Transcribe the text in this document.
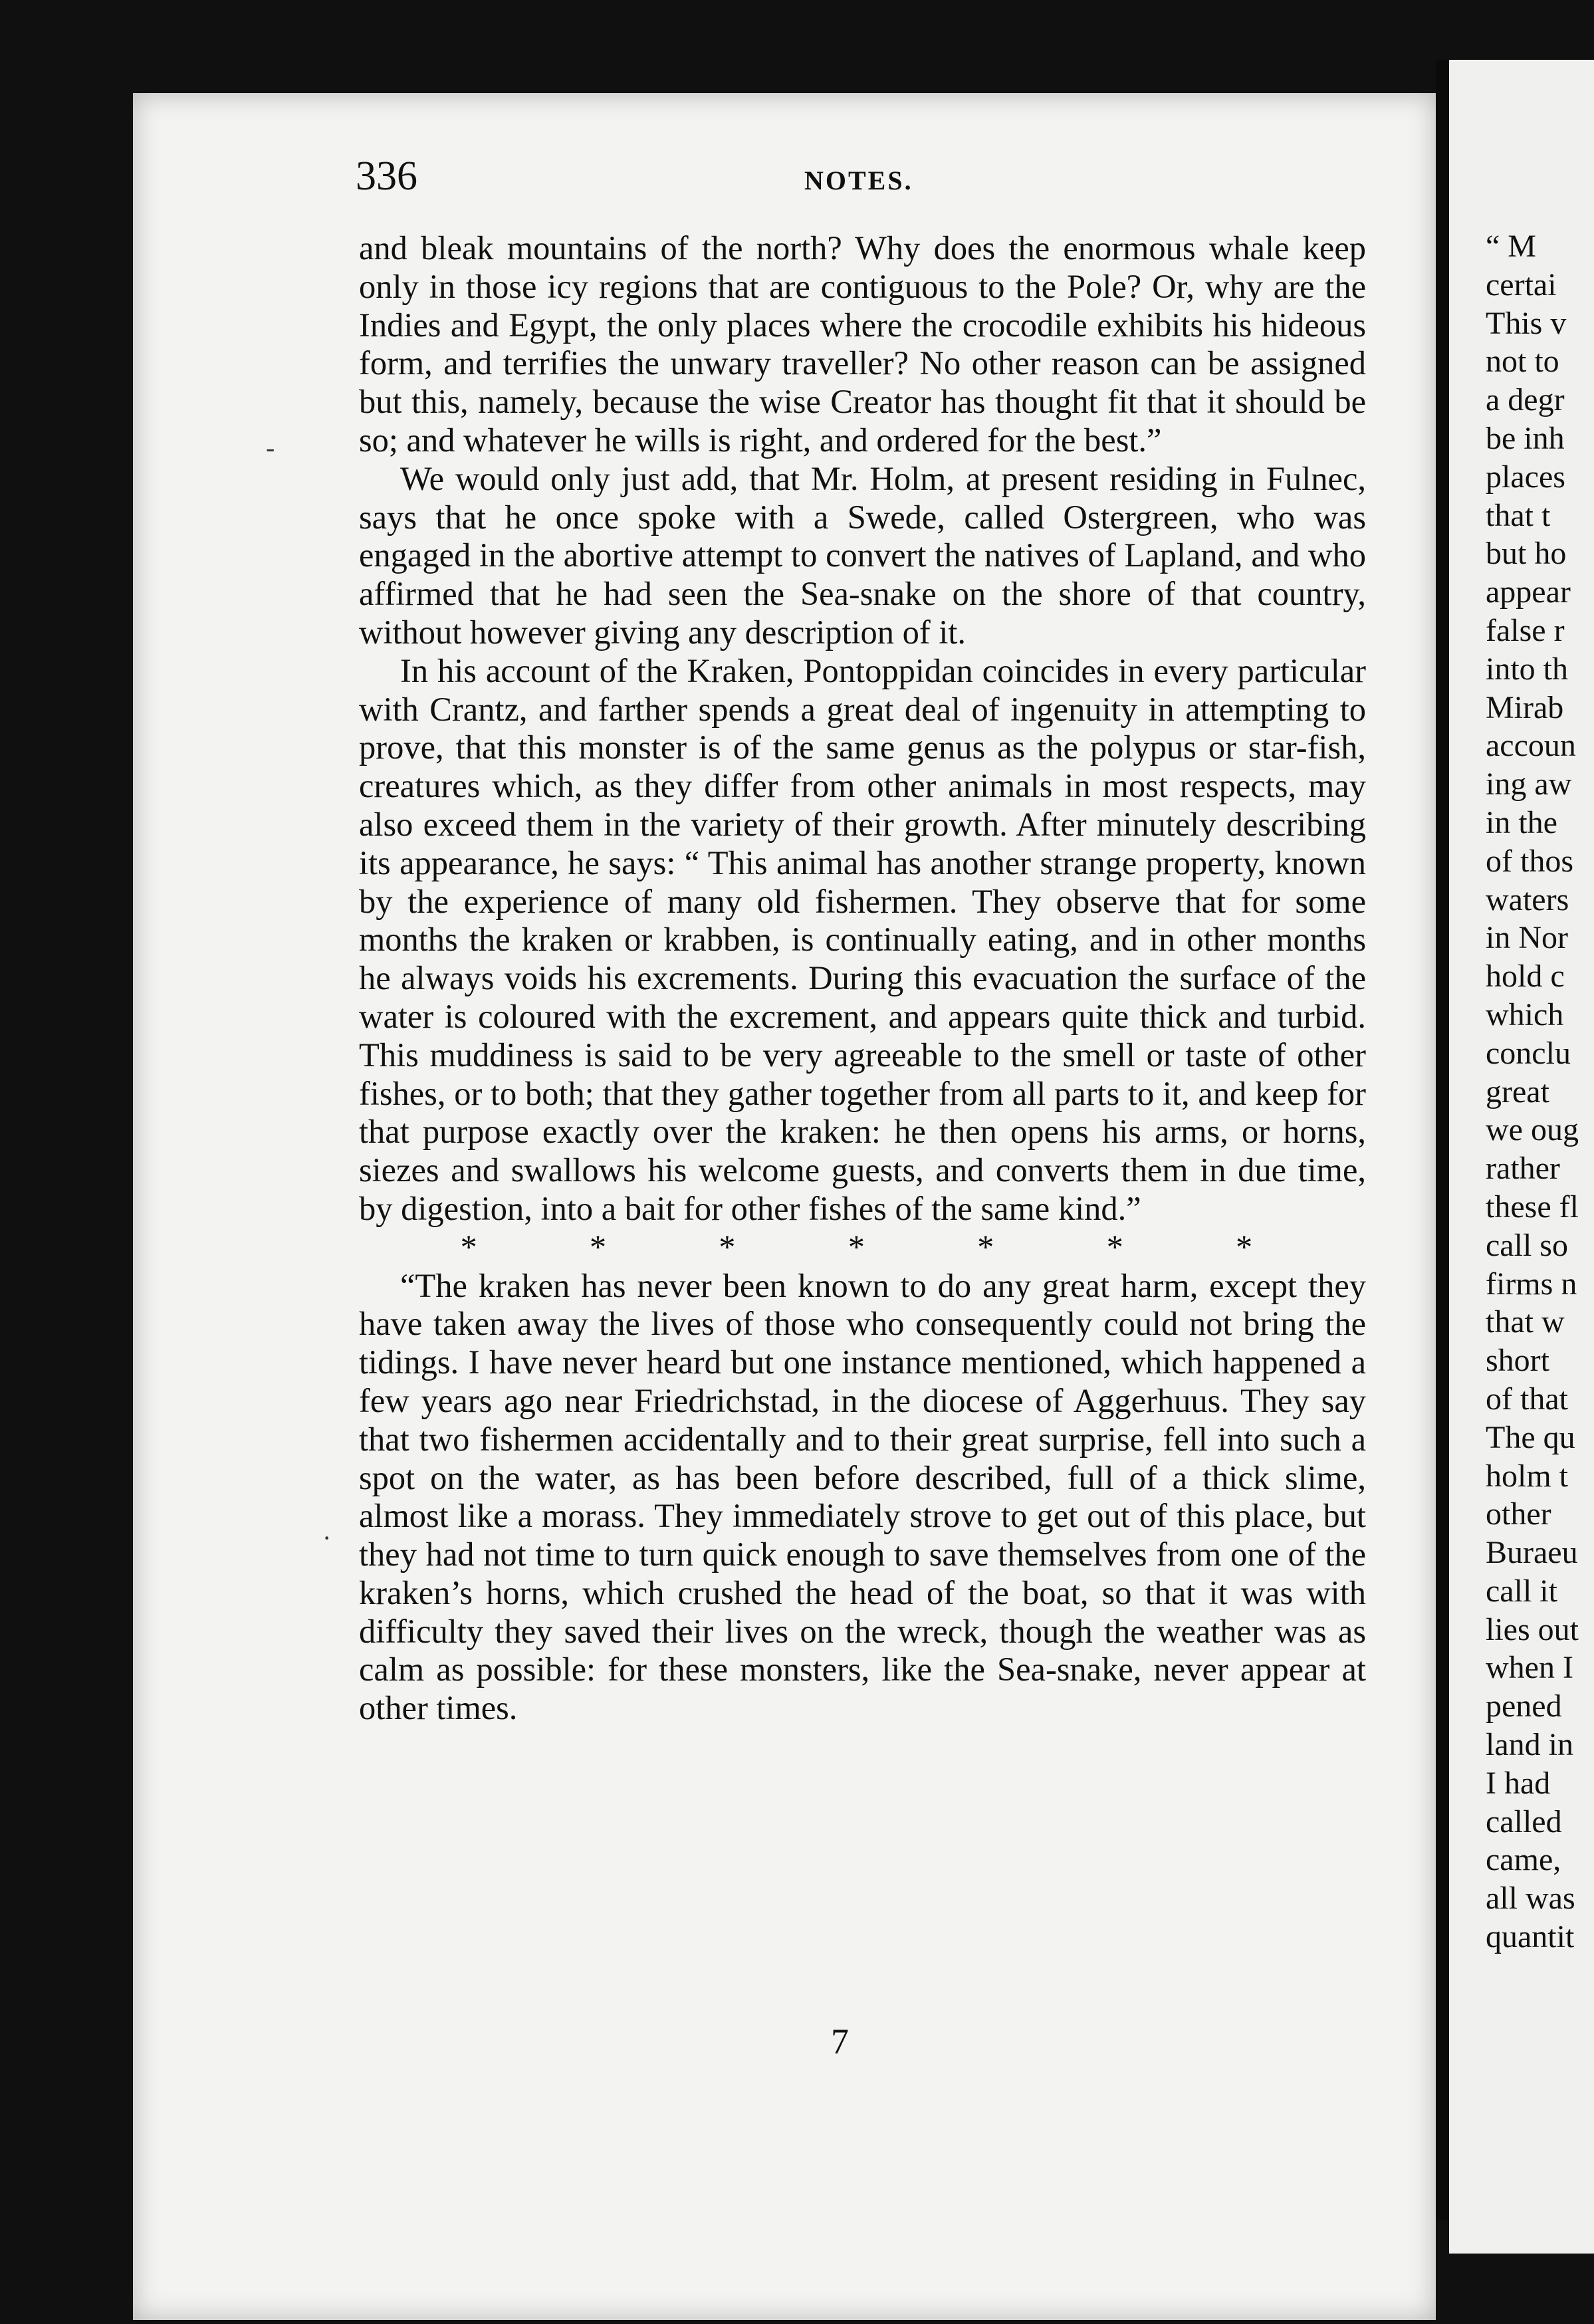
336	NOTES.

and bleak mountains of the north? Why does the enormous whale keep only in those icy regions that are contiguous to the Pole? Or, why are the Indies and Egypt, the only places where the crocodile exhibits his hideous form, and terrifies the unwary traveller? No other reason can be assigned but this, namely, because the wise Creator has thought fit that it should be so; and whatever he wills is right, and ordered for the best.”

We would only just add, that Mr. Holm, at present residing in Fulnec, says that he once spoke with a Swede, called Ostergreen, who was engaged in the abortive attempt to convert the natives of Lapland, and who affirmed that he had seen the Sea-snake on the shore of that country, without however giving any description of it.

In his account of the Kraken, Pontoppidan coincides in every particular with Crantz, and farther spends a great deal of ingenuity in attempting to prove, that this monster is of the same genus as the polypus or star-fish, creatures which, as they differ from other animals in most respects, may also exceed them in the variety of their growth. After minutely describing its appearance, he says: “ This animal has another strange property, known by the experience of many old fishermen. They observe that for some months the kraken or krabben, is continually eating, and in other months he always voids his excrements. During this evacuation the surface of the water is coloured with the excrement, and appears quite thick and turbid. This muddiness is said to be very agreeable to the smell or taste of other fishes, or to both; that they gather together from all parts to it, and keep for that purpose exactly over the kraken: he then opens his arms, or horns, siezes and swallows his welcome guests, and converts them in due time, by digestion, into a bait for other fishes of the same kind.”

* * * * * * *

“The kraken has never been known to do any great harm, except they have taken away the lives of those who consequently could not bring the tidings. I have never heard but one instance mentioned, which happened a few years ago near Friedrichstad, in the diocese of Aggerhuus. They say that two fishermen accidentally and to their great surprise, fell into such a spot on the water, as has been before described, full of a thick slime, almost like a morass. They immediately strove to get out of this place, but they had not time to turn quick enough to save themselves from one of the kraken’s horns, which crushed the head of the boat, so that it was with difficulty they saved their lives on the wreck, though the weather was as calm as possible: for these monsters, like the Sea-snake, never appear at other times.

7
“ M
certai
This v
not to
a degr
be inh
places
that t
but ho
appear
false r
into th
Mirab
accoun
ing aw
in the
of thos
waters
in Nor
hold c
which
conclu
great
we oug
rather
these fl
call so
firms n
that w
short
of that
The qu
holm t
other
Buraeu
call it
lies out
when I
pened
land in
I had
called
came,
all was
quantit
‐
·
